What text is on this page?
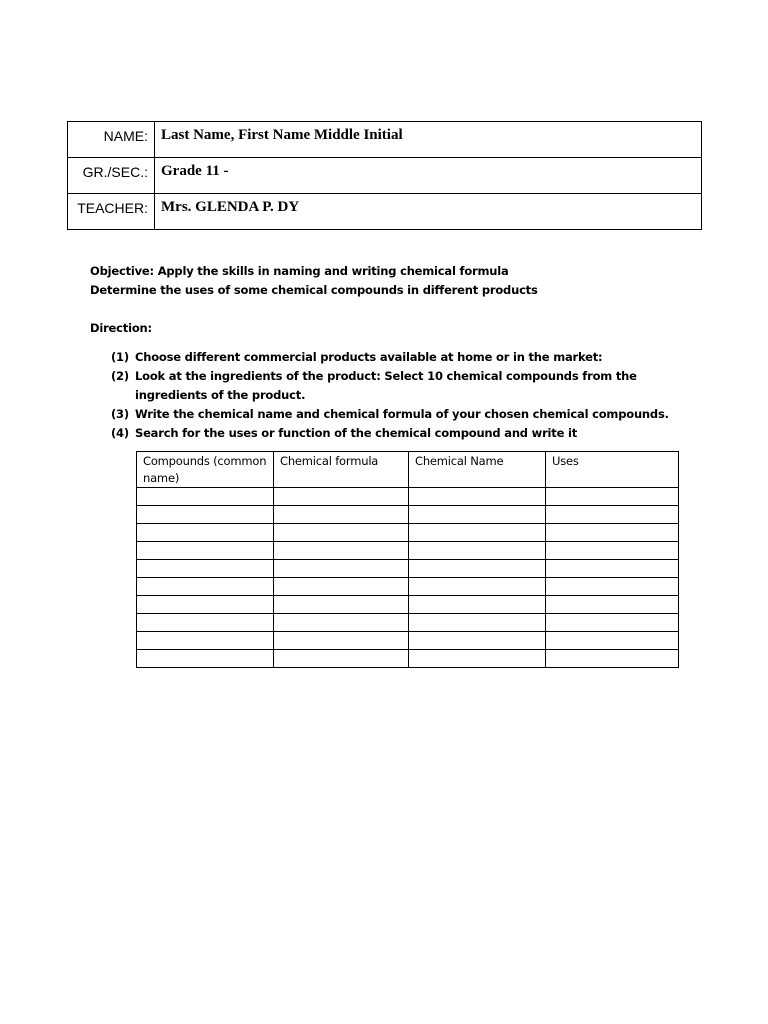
NAME:	Last Name, First Name Middle Initial
GR./SEC.:	Grade 11 -
TEACHER:	Mrs. GLENDA P. DY

Objective: Apply the skills in naming and writing chemical formula

Determine the uses of some chemical compounds in different products

Direction:

(1) Choose different commercial products available at home or in the market:
(2) Look at the ingredients of the product: Select 10 chemical compounds from the ingredients of the product.
(3) Write the chemical name and chemical formula of your chosen chemical compounds.
(4) Search for the uses or function of the chemical compound and write it
Compounds (common name)	Chemical formula	Chemical Name	Uses
